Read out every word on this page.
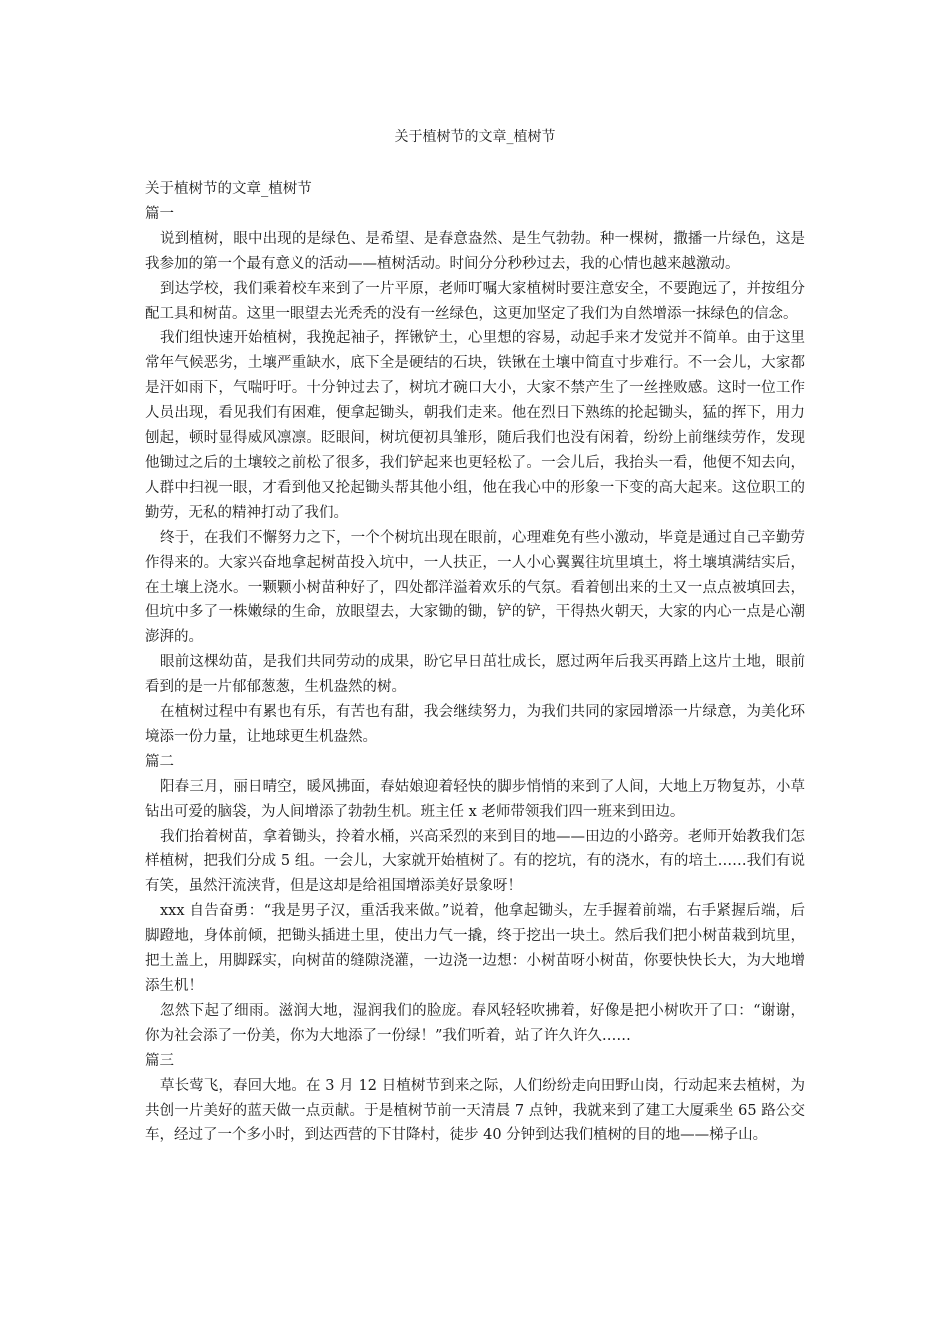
关于植树节的文章_植树节

关于植树节的文章_植树节

篇一

说到植树，眼中出现的是绿色、是希望、是春意盎然、是生气勃勃。种一棵树，撒播一片绿色，这是我参加的第一个最有意义的活动——植树活动。时间分分秒秒过去，我的心情也越来越激动。

到达学校，我们乘着校车来到了一片平原，老师叮嘱大家植树时要注意安全，不要跑远了，并按组分配工具和树苗。这里一眼望去光秃秃的没有一丝绿色，这更加坚定了我们为自然增添一抹绿色的信念。

我们组快速开始植树，我挽起袖子，挥锹铲土，心里想的容易，动起手来才发觉并不简单。由于这里常年气候恶劣，土壤严重缺水，底下全是硬结的石块，铁锹在土壤中简直寸步难行。不一会儿，大家都是汗如雨下，气喘吁吁。十分钟过去了，树坑才碗口大小，大家不禁产生了一丝挫败感。这时一位工作人员出现，看见我们有困难，便拿起锄头，朝我们走来。他在烈日下熟练的抡起锄头，猛的挥下，用力刨起，顿时显得威风凛凛。眨眼间，树坑便初具雏形，随后我们也没有闲着，纷纷上前继续劳作，发现他锄过之后的土壤较之前松了很多，我们铲起来也更轻松了。一会儿后，我抬头一看，他便不知去向，人群中扫视一眼，才看到他又抡起锄头帮其他小组，他在我心中的形象一下变的高大起来。这位职工的勤劳，无私的精神打动了我们。

终于，在我们不懈努力之下，一个个树坑出现在眼前，心理难免有些小激动，毕竟是通过自己辛勤劳作得来的。大家兴奋地拿起树苗投入坑中，一人扶正，一人小心翼翼往坑里填土，将土壤填满结实后，在土壤上浇水。一颗颗小树苗种好了，四处都洋溢着欢乐的气氛。看着刨出来的土又一点点被填回去，但坑中多了一株嫩绿的生命，放眼望去，大家锄的锄，铲的铲，干得热火朝天，大家的内心一点是心潮澎湃的。

眼前这棵幼苗，是我们共同劳动的成果，盼它早日茁壮成长，愿过两年后我买再踏上这片土地，眼前看到的是一片郁郁葱葱，生机盎然的树。

在植树过程中有累也有乐，有苦也有甜，我会继续努力，为我们共同的家园增添一片绿意，为美化环境添一份力量，让地球更生机盎然。

篇二

阳春三月，丽日晴空，暖风拂面，春姑娘迎着轻快的脚步悄悄的来到了人间，大地上万物复苏，小草钻出可爱的脑袋，为人间增添了勃勃生机。班主任 x 老师带领我们四一班来到田边。

我们抬着树苗，拿着锄头，拎着水桶，兴高采烈的来到目的地——田边的小路旁。老师开始教我们怎样植树，把我们分成 5 组。一会儿，大家就开始植树了。有的挖坑，有的浇水，有的培土……我们有说有笑，虽然汗流浃背，但是这却是给祖国增添美好景象呀！

xxx 自告奋勇：“我是男子汉，重活我来做。”说着，他拿起锄头，左手握着前端，右手紧握后端，后脚蹬地，身体前倾，把锄头插进土里，使出力气一撬，终于挖出一块土。然后我们把小树苗栽到坑里，把土盖上，用脚踩实，向树苗的缝隙浇灌，一边浇一边想：小树苗呀小树苗，你要快快长大，为大地增添生机！

忽然下起了细雨。滋润大地，湿润我们的脸庞。春风轻轻吹拂着，好像是把小树吹开了口：“谢谢，你为社会添了一份美，你为大地添了一份绿！”我们听着，站了许久许久……

篇三

草长莺飞，春回大地。在 3 月 12 日植树节到来之际，人们纷纷走向田野山岗，行动起来去植树，为共创一片美好的蓝天做一点贡献。于是植树节前一天清晨 7 点钟，我就来到了建工大厦乘坐 65 路公交车，经过了一个多小时，到达西营的下甘降村，徒步 40 分钟到达我们植树的目的地——梯子山。
